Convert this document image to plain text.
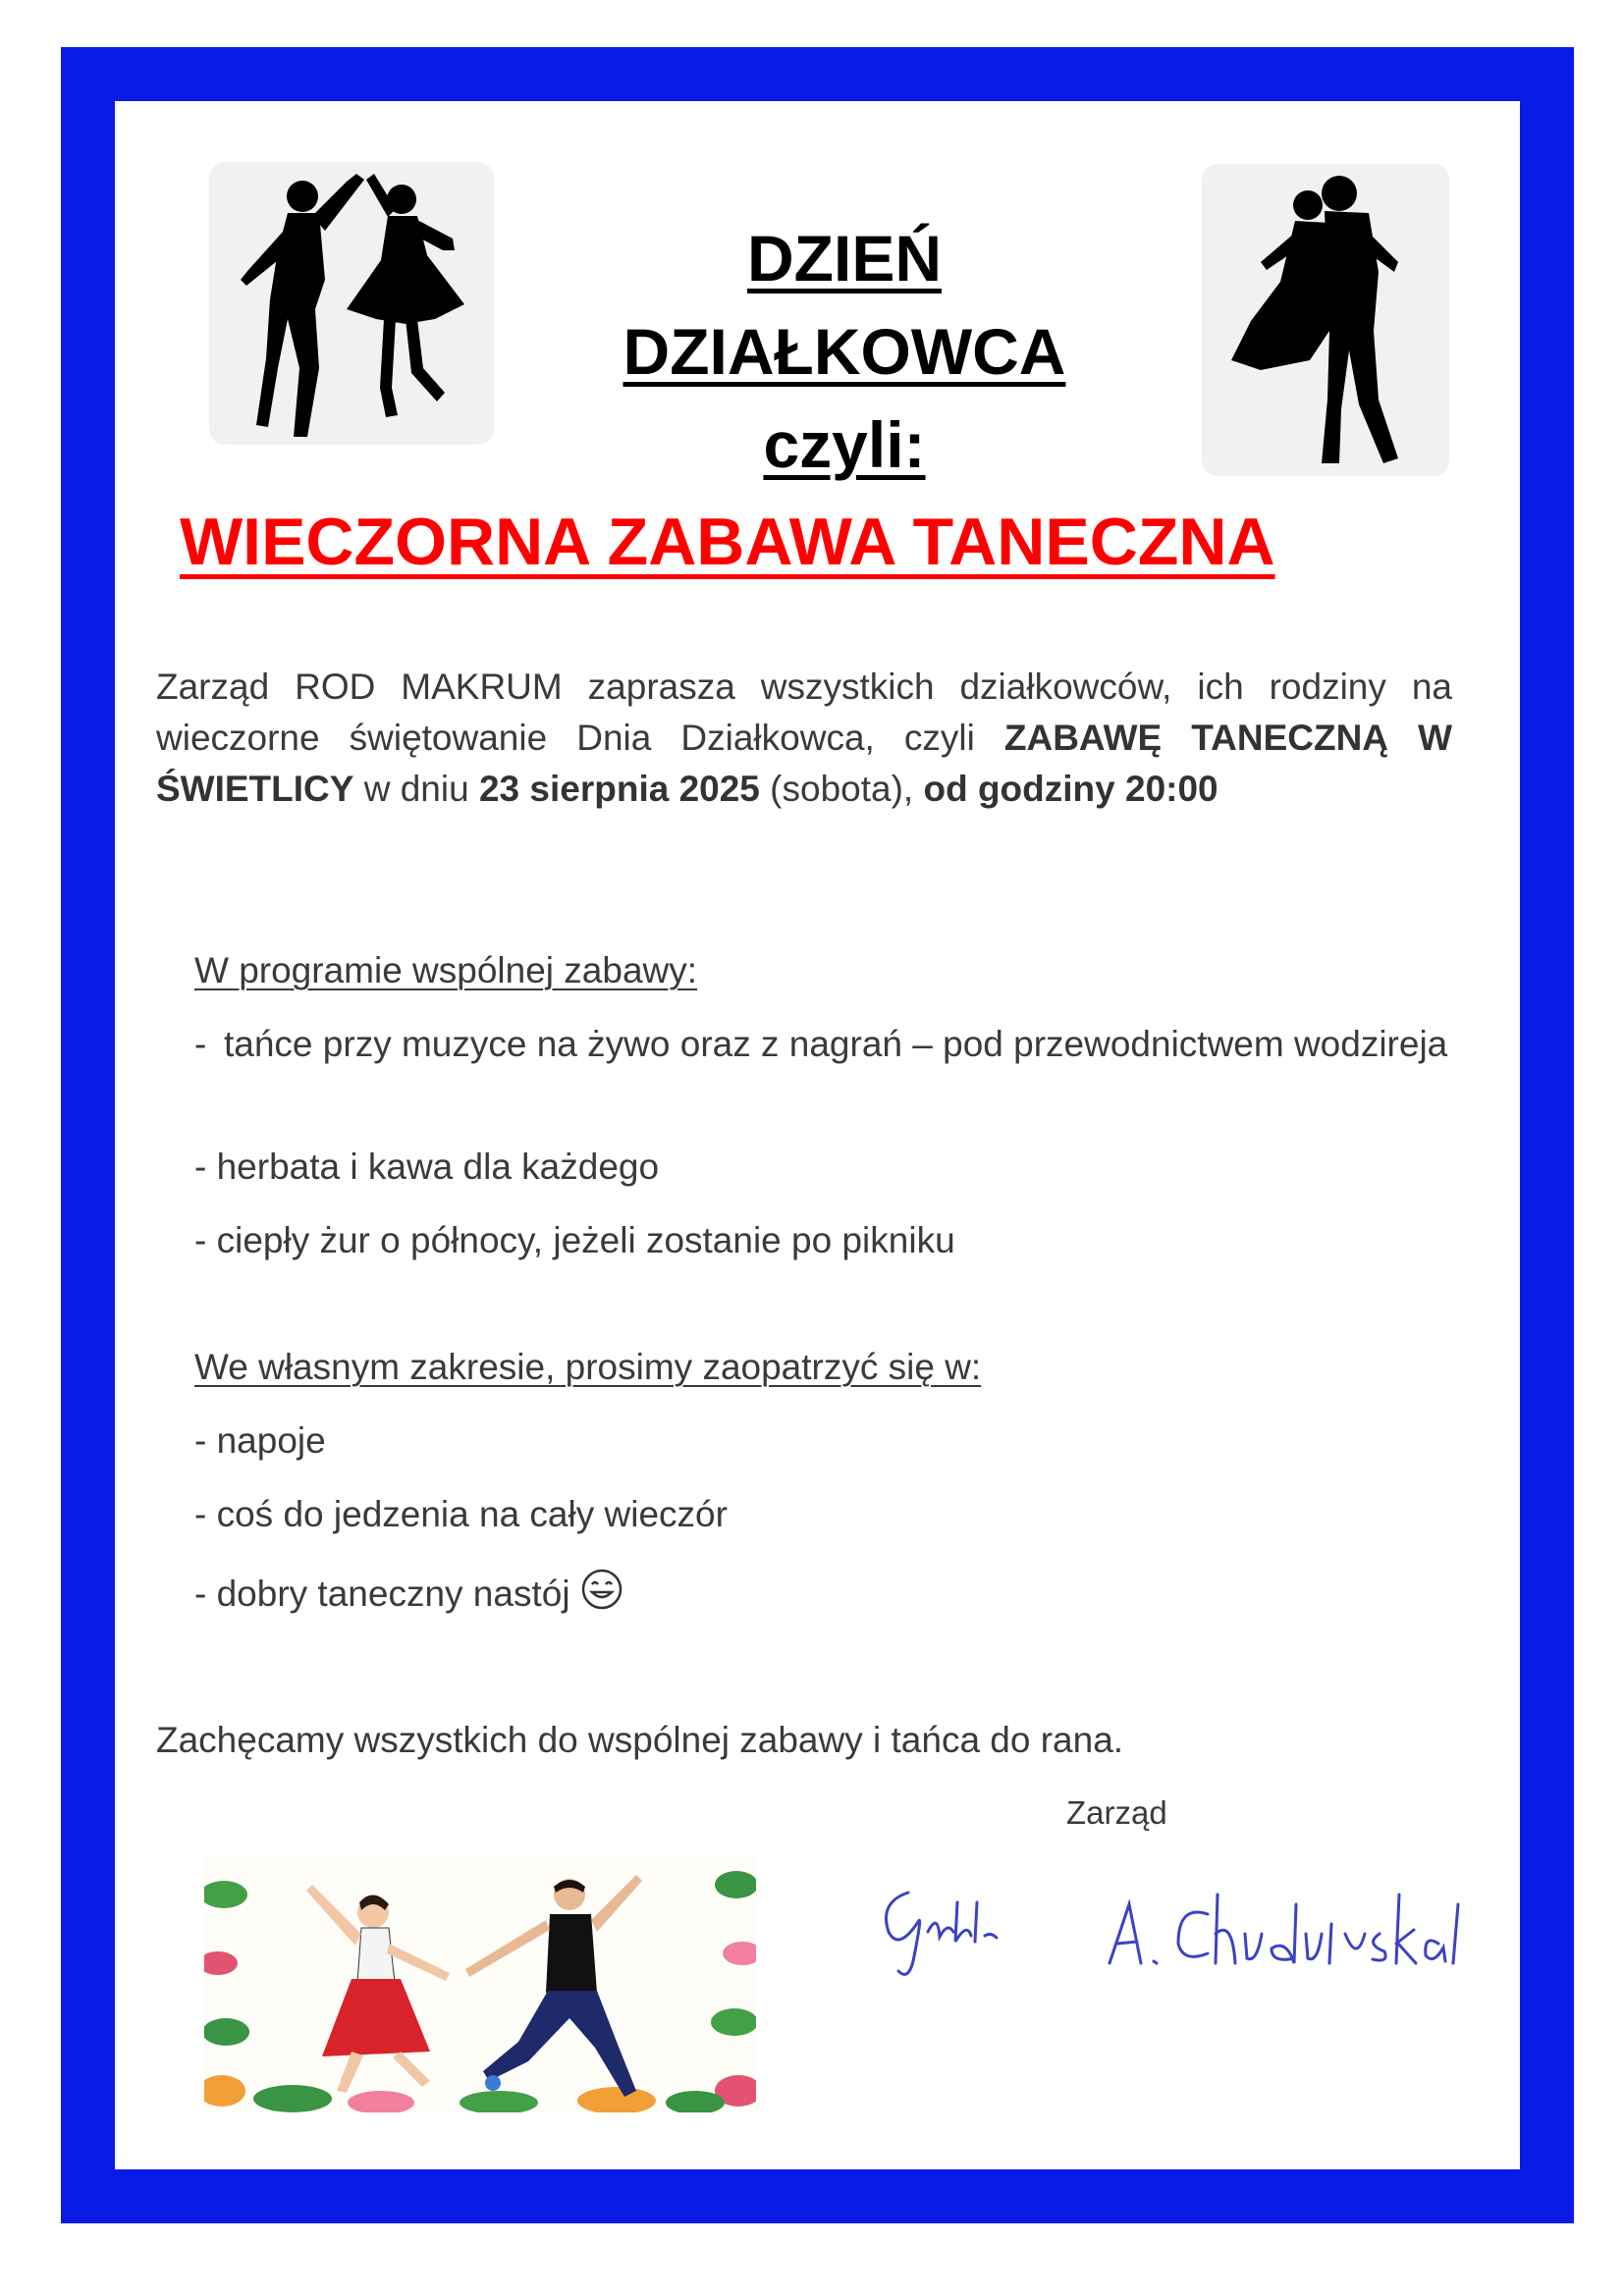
DZIEŃ
DZIAŁKOWCA
czyli:
WIECZORNA ZABAWA TANECZNA
Zarząd ROD MAKRUM zaprasza wszystkich działkowców, ich rodziny na wieczorne świętowanie Dnia Działkowca, czyli ZABAWĘ TANECZNĄ W ŚWIETLICY w dniu 23 sierpnia 2025 (sobota), od godziny 20:00
W programie wspólnej zabawy:
- tańce przy muzyce na żywo oraz z nagrań – pod przewodnictwem wodzireja
- herbata i kawa dla każdego
- ciepły żur o północy, jeżeli zostanie po pikniku
We własnym zakresie, prosimy zaopatrzyć się w:
- napoje
- coś do jedzenia na cały wieczór
- dobry taneczny nastój
Zachęcamy wszystkich do wspólnej zabawy i tańca do rana.
Zarząd
